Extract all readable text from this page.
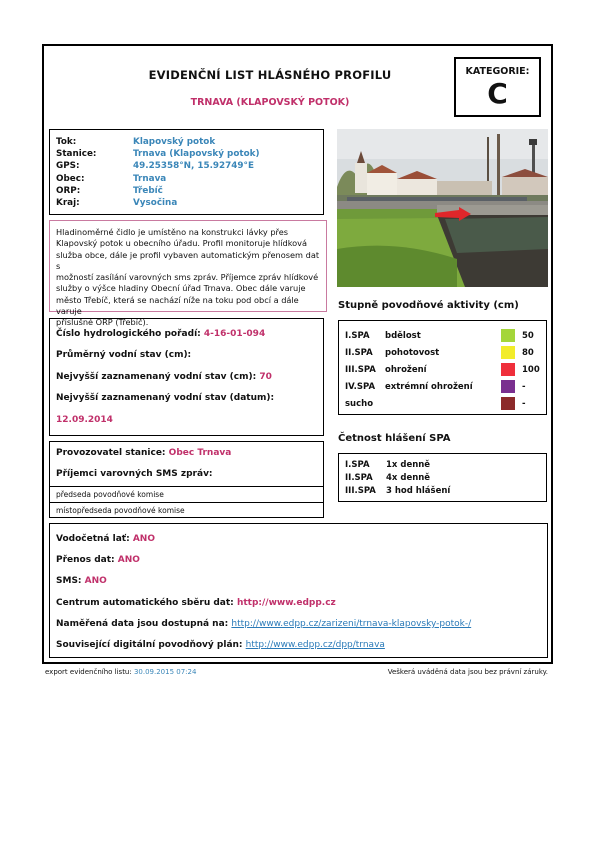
EVIDENČNÍ LIST HLÁSNÉHO PROFILU
TRNAVA (KLAPOVSKÝ POTOK)
KATEGORIE:
C
Tok:	Klapovský potok
Stanice:	Trnava (Klapovský potok)
GPS:	49.25358°N, 15.92749°E
Obec:	Trnava
ORP:	Třebíč
Kraj:	Vysočina
Hladinoměrné čidlo je umístěno na konstrukci lávky přes
Klapovský potok u obecního úřadu. Profil monitoruje hlídková
služba obce, dále je profil vybaven automatickým přenosem dat s
možností zasílání varovných sms zpráv. Příjemce zpráv hlídkové
služby o výšce hladiny Obecní úřad Trnava. Obec dále varuje
město Třebíč, která se nachází níže na toku pod obcí a dále varuje
příslušné ORP (Třebíč).
Číslo hydrologického pořadí: 4-16-01-094
Průměrný vodní stav (cm):
Nejvyšší zaznamenaný vodní stav (cm): 70
Nejvyšší zaznamenaný vodní stav (datum):
12.09.2014
Provozovatel stanice: Obec Trnava
Příjemci varovných SMS zpráv:
předseda povodňové komise
místopředseda povodňové komise
Stupně povodňové aktivity (cm)
I.SPA bdělost	50
II.SPA pohotovost	80
III.SPA ohrožení	100
IV.SPA extrémní ohrožení	-
sucho	-
Četnost hlášení SPA
I.SPA 1x denně
II.SPA 4x denně
III.SPA 3 hod hlášení
Vodočetná lať: ANO
Přenos dat: ANO
SMS: ANO
Centrum automatického sběru dat: http://www.edpp.cz
Naměřená data jsou dostupná na: http://www.edpp.cz/zarizeni/trnava-klapovsky-potok-/
Související digitální povodňový plán: http://www.edpp.cz/dpp/trnava
export evidenčního listu: 30.09.2015 07:24	Veškerá uváděná data jsou bez právní záruky.
